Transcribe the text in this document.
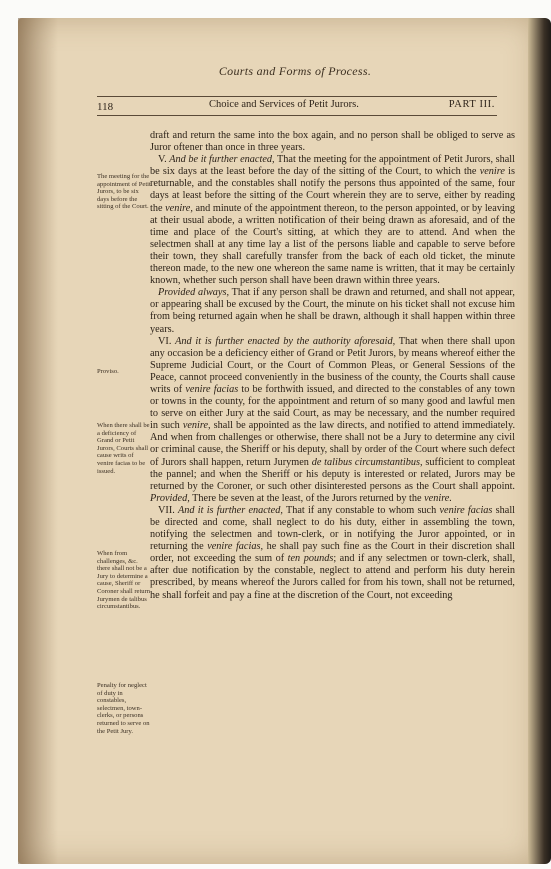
Courts and Forms of Process.
118	Choice and Services of Petit Jurors.	PART III.
The meeting for the appointment of Petit Jurors, to be six days before the sitting of the Court.
Proviso.
When there shall be a deficiency of Grand or Petit Jurors, Courts shall cause writs of venire facias to be issued.
When from challenges, &c. there shall not be a Jury to determine a cause, Sheriff or Coroner shall return Jurymen de talibus circumstantibus.
Penalty for neglect of duty in constables, selectmen, town-clerks, or persons returned to serve on the Petit Jury.

draft and return the same into the box again, and no person shall be obliged to serve as Juror oftener than once in three years.

V. And be it further enacted, That the meeting for the appointment of Petit Jurors, shall be six days at the least before the day of the sitting of the Court, to which the venire is returnable, and the constables shall notify the persons thus appointed of the same, four days at least before the sitting of the Court wherein they are to serve, either by reading the venire, and minute of the appointment thereon, to the person appointed, or by leaving at their usual abode, a written notification of their being drawn as aforesaid, and of the time and place of the Court's sitting, at which they are to attend. And when the selectmen shall at any time lay a list of the persons liable and capable to serve before their town, they shall carefully transfer from the back of each old ticket, the minute thereon made, to the new one whereon the same name is written, that it may be certainly known, whether such person shall have been drawn within three years.

Provided always, That if any person shall be drawn and returned, and shall not appear, or appearing shall be excused by the Court, the minute on his ticket shall not excuse him from being returned again when he shall be drawn, although it shall happen within three years.

VI. And it is further enacted by the authority aforesaid, That when there shall upon any occasion be a deficiency either of Grand or Petit Jurors, by means whereof either the Supreme Judicial Court, or the Court of Common Pleas, or General Sessions of the Peace, cannot proceed conveniently in the business of the county, the Courts shall cause writs of venire facias to be forthwith issued, and directed to the constables of any town or towns in the county, for the appointment and return of so many good and lawful men to serve on either Jury at the said Court, as may be necessary, and the number required in such venire, shall be appointed as the law directs, and notified to attend immediately. And when from challenges or otherwise, there shall not be a Jury to determine any civil or criminal cause, the Sheriff or his deputy, shall by order of the Court where such defect of Jurors shall happen, return Jurymen de talibus circumstantibus, sufficient to compleat the pannel; and when the Sheriff or his deputy is interested or related, Jurors may be returned by the Coroner, or such other disinterested persons as the Court shall appoint. Provided, There be seven at the least, of the Jurors returned by the venire.

VII. And it is further enacted, That if any constable to whom such venire facias shall be directed and come, shall neglect to do his duty, either in assembling the town, notifying the selectmen and town-clerk, or in notifying the Juror appointed, or in returning the venire facias, he shall pay such fine as the Court in their discretion shall order, not exceeding the sum of ten pounds; and if any selectmen or town-clerk, shall, after due notification by the constable, neglect to attend and perform his duty herein prescribed, by means whereof the Jurors called for from his town, shall not be returned, he shall forfeit and pay a fine at the discretion of the Court, not exceeding
